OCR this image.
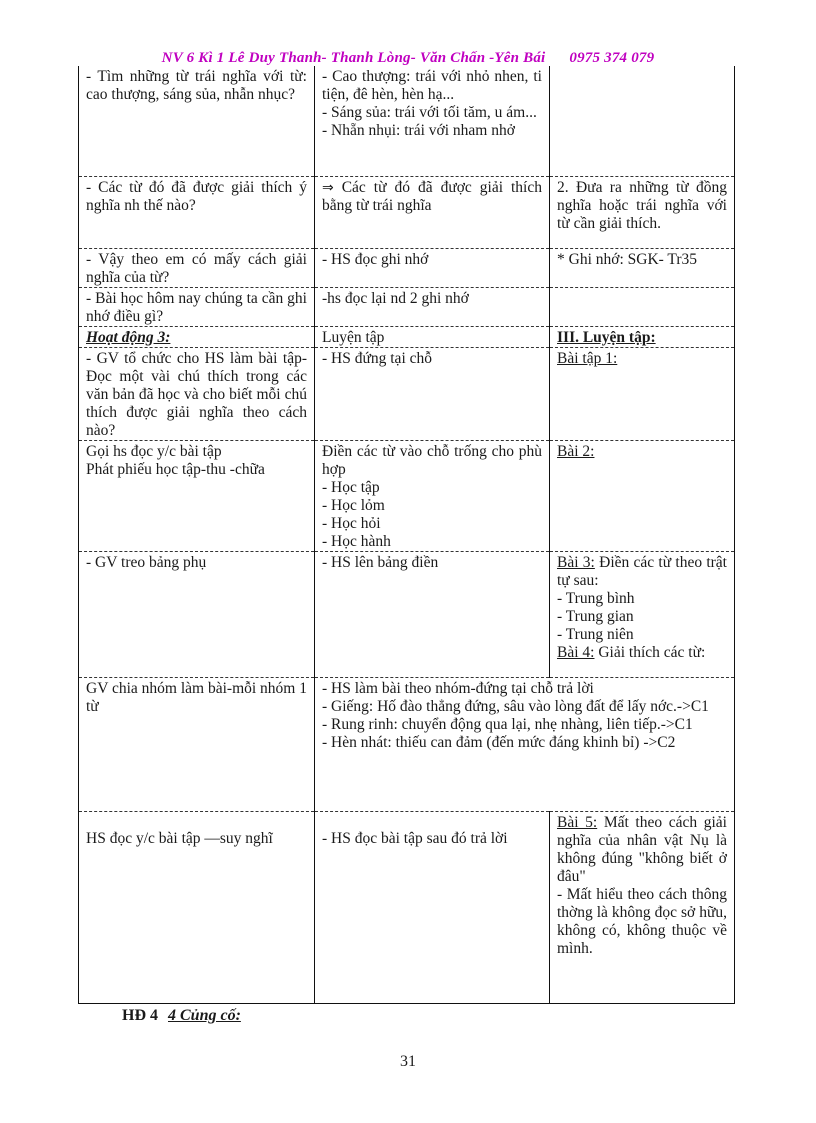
NV 6 Kì 1 Lê Duy Thanh- Thanh Lòng- Văn Chấn -Yên Bái 0975 374 079
- Tìm những từ trái nghĩa với từ: cao thượng, sáng sủa, nhẫn nhục?	- Cao thượng: trái với nhỏ nhen, ti tiện, đê hèn, hèn hạ...
- Sáng sủa: trái với tối tăm, u ám...
- Nhẵn nhụi: trái với nham nhở	

- Các từ đó đã được giải thích ý nghĩa nh thế nào?	⇒ Các từ đó đã được giải thích bằng từ trái nghĩa	2. Đưa ra những từ đồng nghĩa hoặc trái nghĩa với từ cần giải thích.

- Vậy theo em có mấy cách giải nghĩa của từ?	- HS đọc ghi nhớ	* Ghi nhớ: SGK- Tr35

- Bài học hôm nay chúng ta cần ghi nhớ điều gì?	-hs đọc lại nd 2 ghi nhớ	

Hoạt động 3:	Luyện tập	III. Luyện tập:

- GV tổ chức cho HS làm bài tập-Đọc một vài chú thích trong các văn bản đã học và cho biết mỗi chú thích được giải nghĩa theo cách nào?	- HS đứng tại chỗ	Bài tập 1:

Gọi hs đọc y/c bài tập
Phát phiếu học tập-thu -chữa	Điền các từ vào chỗ trống cho phù hợp
- Học tập
- Học lỏm
- Học hỏi
- Học hành	Bài 2:

- GV treo bảng phụ	- HS lên bảng điền	Bài 3: Điền các từ theo trật tự sau:
- Trung bình
- Trung gian
- Trung niên
Bài 4: Giải thích các từ:

GV chia nhóm làm bài-mỗi nhóm 1 từ	- HS làm bài theo nhóm-đứng tại chỗ trả lời
- Giếng: Hố đào thẳng đứng, sâu vào lòng đất để lấy nớc.->C1
- Rung rinh: chuyển động qua lại, nhẹ nhàng, liên tiếp.->C1
- Hèn nhát: thiếu can đảm (đến mức đáng khinh bỉ) ->C2	

HS đọc y/c bài tập —suy nghĩ	- HS đọc bài tập sau đó trả lời	Bài 5: Mất theo cách giải nghĩa của nhân vật Nụ là không đúng "không biết ở đâu"
- Mất hiểu theo cách thông thờng là không đọc sở hữu, không có, không thuộc về mình.
HĐ 4 4 Củng cố:
31
